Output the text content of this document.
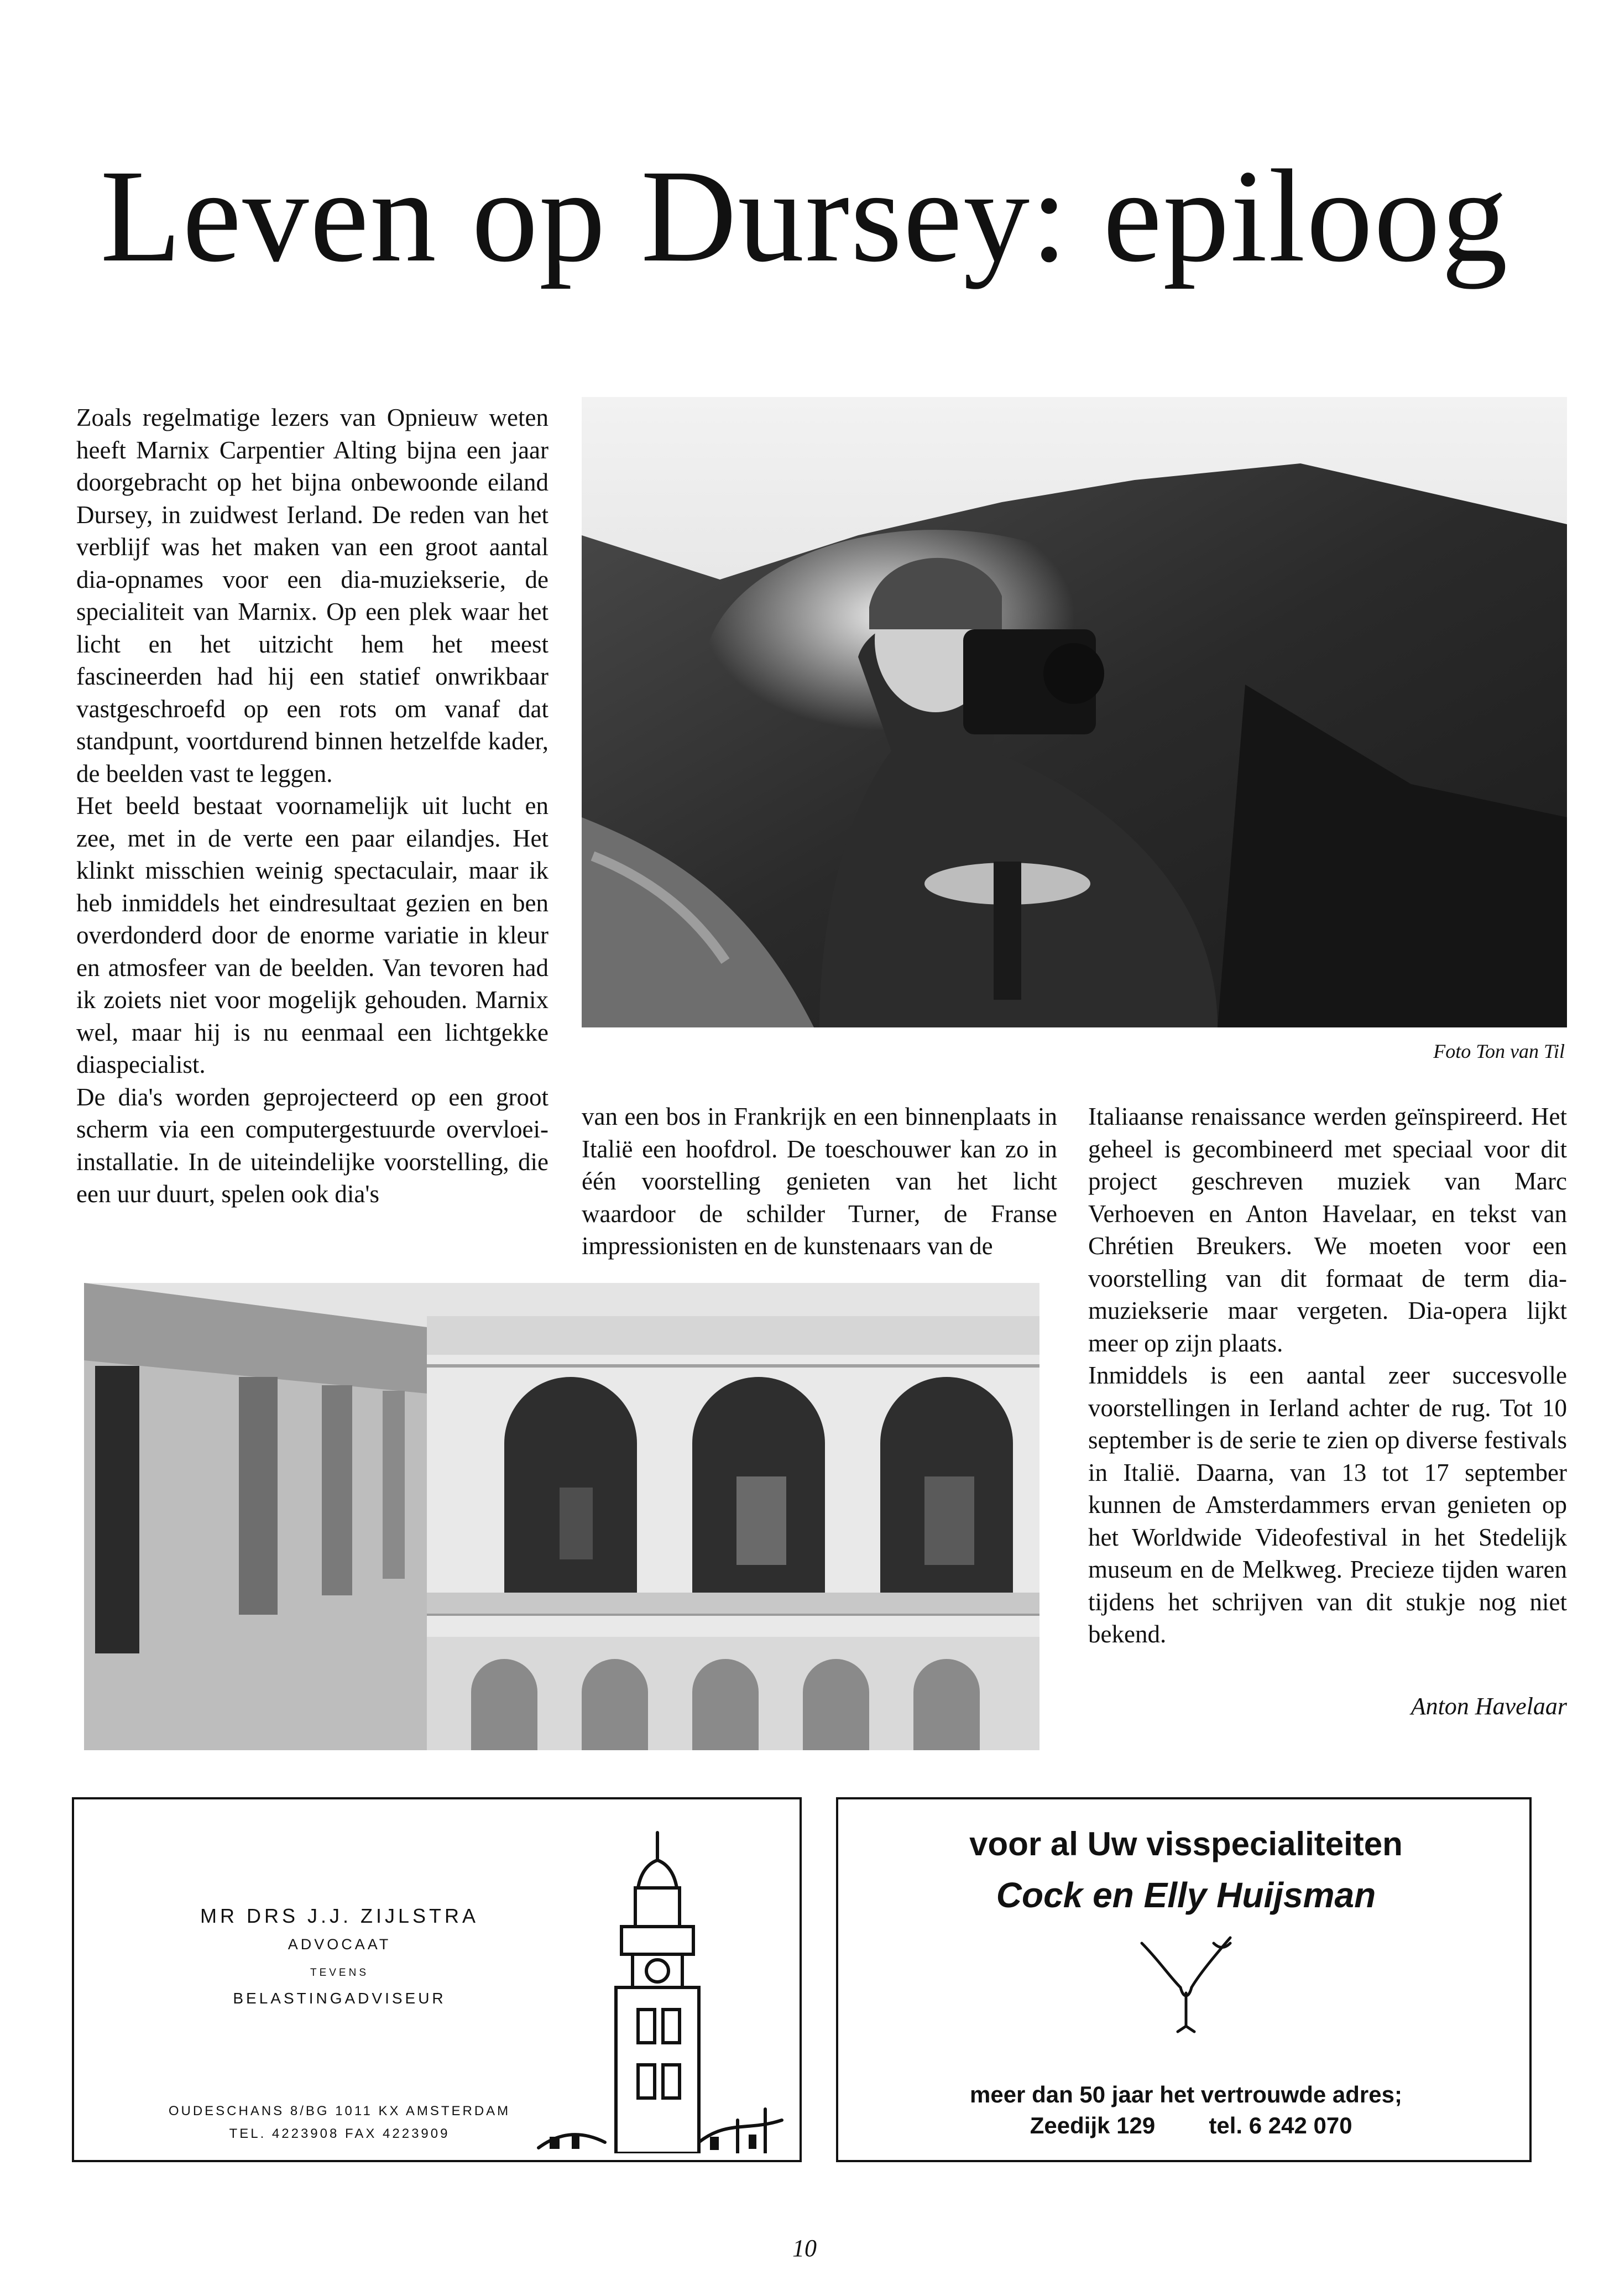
Leven op Dursey: epiloog

Zoals regelmatige lezers van Opnieuw weten heeft Marnix Carpentier Alting bijna een jaar doorgebracht op het bijna onbewoonde eiland Dursey, in zuidwest Ierland. De reden van het verblijf was het maken van een groot aantal dia-opnames voor een dia-muziekserie, de specialiteit van Marnix. Op een plek waar het licht en het uitzicht hem het meest fascineerden had hij een statief onwrikbaar vastgeschroefd op een rots om vanaf dat standpunt, voortdurend binnen hetzelfde kader, de beelden vast te leggen.

Het beeld bestaat voornamelijk uit lucht en zee, met in de verte een paar eilandjes. Het klinkt misschien weinig spectaculair, maar ik heb inmiddels het eindresultaat gezien en ben overdonderd door de enorme variatie in kleur en atmosfeer van de beelden. Van tevoren had ik zoiets niet voor mogelijk gehouden. Marnix wel, maar hij is nu eenmaal een lichtgekke diaspecialist.

De dia's worden geprojecteerd op een groot scherm via een computergestuurde overvloei-installatie. In de uiteindelijke voorstelling, die een uur duurt, spelen ook dia's

Foto Ton van Til

van een bos in Frankrijk en een binnenplaats in Italië een hoofdrol. De toeschouwer kan zo in één voorstelling genieten van het licht waardoor de schilder Turner, de Franse impressionisten en de kunstenaars van de

Italiaanse renaissance werden geïnspireerd. Het geheel is gecombineerd met speciaal voor dit project geschreven muziek van Marc Verhoeven en Anton Havelaar, en tekst van Chrétien Breukers. We moeten voor een voorstelling van dit formaat de term dia-muziekserie maar vergeten. Dia-opera lijkt meer op zijn plaats.

Inmiddels is een aantal zeer succesvolle voorstellingen in Ierland achter de rug. Tot 10 september is de serie te zien op diverse festivals in Italië. Daarna, van 13 tot 17 september kunnen de Amsterdammers ervan genieten op het Worldwide Videofestival in het Stedelijk museum en de Melkweg. Precieze tijden waren tijdens het schrijven van dit stukje nog niet bekend.

Anton Havelaar
MR DRS J.J. ZIJLSTRA
ADVOCAAT
TEVENS
BELASTINGADVISEUR
OUDESCHANS 8/BG 1011 KX AMSTERDAM
TEL. 4223908 FAX 4223909
voor al Uw visspecialiteiten
Cock en Elly Huijsman
meer dan 50 jaar het vertrouwde adres;
Zeedijk 129	tel. 6 242 070
10
